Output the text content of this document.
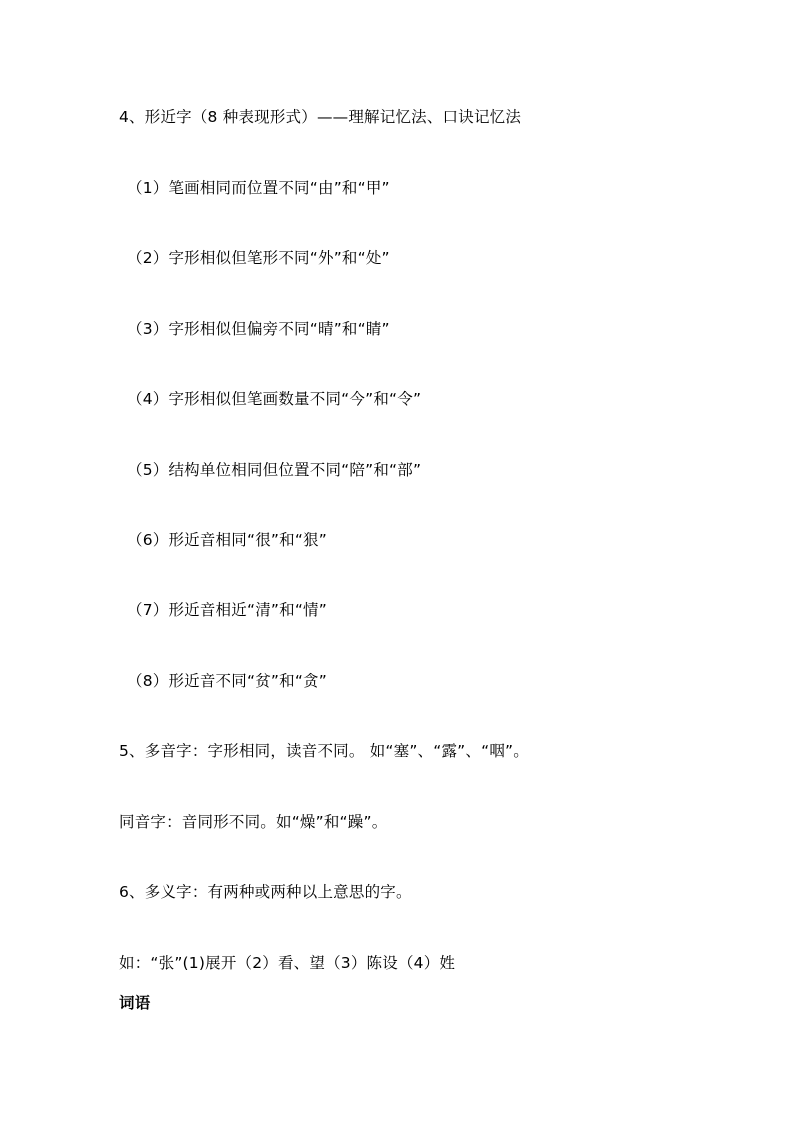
4、形近字（8 种表现形式）——理解记忆法、口诀记忆法
（1）笔画相同而位置不同“由”和“甲”
（2）字形相似但笔形不同“外”和“处”
（3）字形相似但偏旁不同“晴”和“睛”
（4）字形相似但笔画数量不同“今”和“令”
（5）结构单位相同但位置不同“陪”和“部”
（6）形近音相同“很”和“狠”
（7）形近音相近“清”和“情”
（8）形近音不同“贫”和“贪”
5、多音字：字形相同，读音不同。 如“塞”、“露”、“咽”。
同音字：音同形不同。如“燥”和“躁”。
6、多义字：有两种或两种以上意思的字。
如：“张”(1)展开（2）看、望（3）陈设（4）姓
词语
